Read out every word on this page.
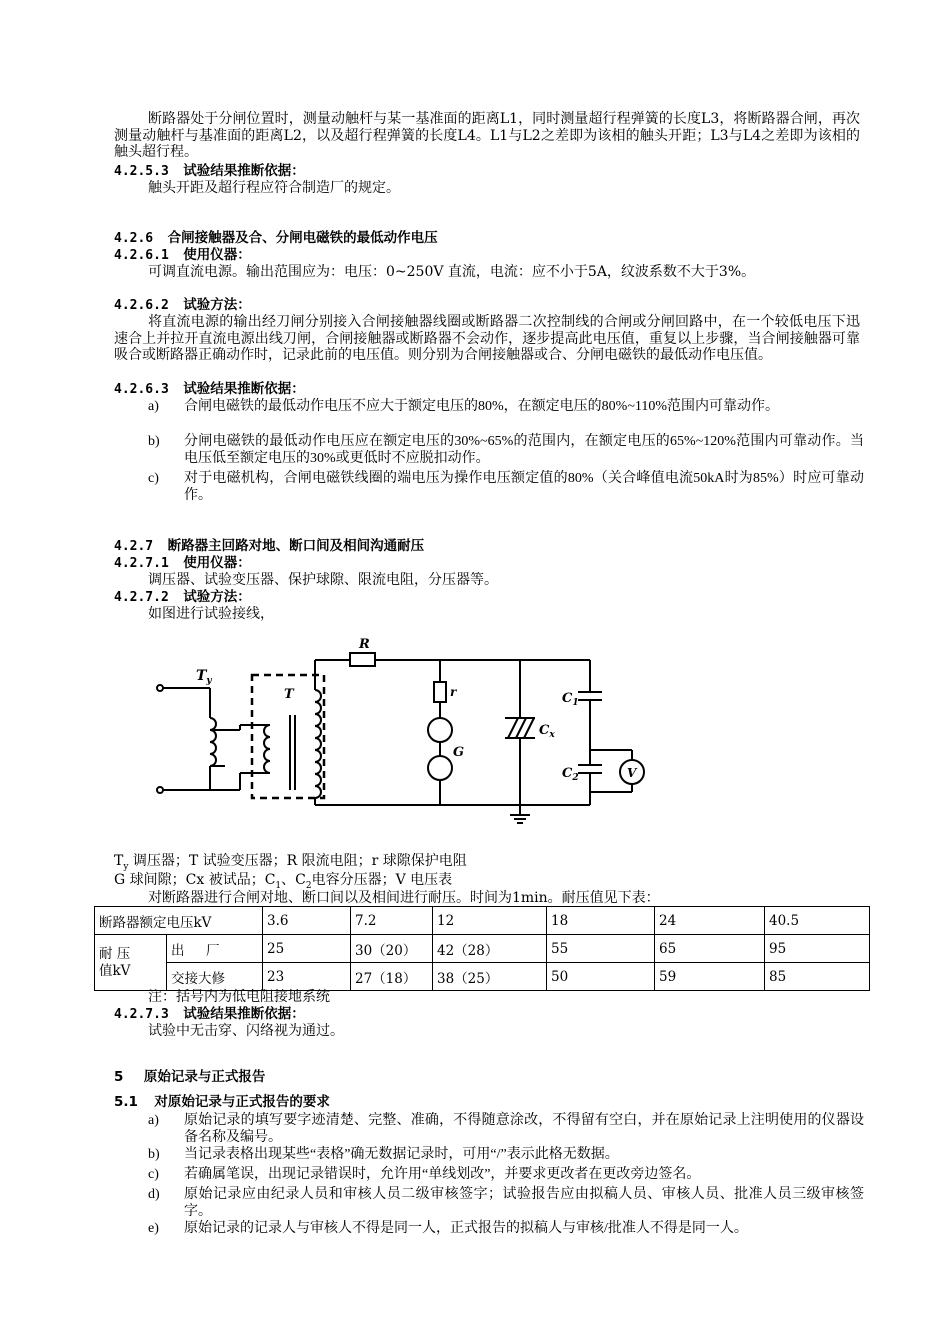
断路器处于分闸位置时，测量动触杆与某一基准面的距离L1，同时测量超行程弹簧的长度L3，将断路器合闸，再次测量动触杆与基准面的距离L2，以及超行程弹簧的长度L4。L1与L2之差即为该相的触头开距；L3与L4之差即为该相的触头超行程。

4.2.5.3 试验结果推断依据：

触头开距及超行程应符合制造厂的规定。

4.2.6 合闸接触器及合、分闸电磁铁的最低动作电压
4.2.6.1 使用仪器：

可调直流电源。输出范围应为：电压：0~250V 直流，电流：应不小于5A，纹波系数不大于3%。

4.2.6.2 试验方法：

将直流电源的输出经刀闸分别接入合闸接触器线圈或断路器二次控制线的合闸或分闸回路中，在一个较低电压下迅速合上并拉开直流电源出线刀闸，合闸接触器或断路器不会动作，逐步提高此电压值，重复以上步骤，当合闸接触器可靠吸合或断路器正确动作时，记录此前的电压值。则分别为合闸接触器或合、分闸电磁铁的最低动作电压值。

4.2.6.3 试验结果推断依据：
a) 合闸电磁铁的最低动作电压不应大于额定电压的80%，在额定电压的80%~110%范围内可靠动作。
b) 分闸电磁铁的最低动作电压应在额定电压的30%~65%的范围内，在额定电压的65%~120%范围内可靠动作。当电压低至额定电压的30%或更低时不应脱扣动作。
c) 对于电磁机构，合闸电磁铁线圈的端电压为操作电压额定值的80%（关合峰值电流50kA时为85%）时应可靠动作。
4.2.7 断路器主回路对地、断口间及相间沟通耐压
4.2.7.1 使用仪器：

调压器、试验变压器、保护球隙、限流电阻，分压器等。

4.2.7.2 试验方法：

如图进行试验接线，

$T_y$
T
R
r
G
$C_x$
$C_1$
$C_2$	V

$T_y$ 调压器；T 试验变压器；R 限流电阻；r 球隙保护电阻

G 球间隙；Cx 被试品；$C_1$、$C_2$电容分压器；V 电压表

对断路器进行合闸对地、断口间以及相间进行耐压。时间为1min。耐压值见下表：

断路器额定电压kV		3.6	7.2	12	18	24	40.5
耐 压
值kV	出     厂	25	30（20）	42（28）	55	65	95
	交接大修	23	27（18）	38（25）	50	59	85

注：括号内为低电阻接地系统

4.2.7.3 试验结果推断依据：

试验中无击穿、闪络视为通过。

5 原始记录与正式报告
5.1 对原始记录与正式报告的要求
a) 原始记录的填写要字迹清楚、完整、准确，不得随意涂改，不得留有空白，并在原始记录上注明使用的仪器设备名称及编号。
b) 当记录表格出现某些“表格”确无数据记录时，可用“/”表示此格无数据。
c) 若确属笔误，出现记录错误时，允许用“单线划改”，并要求更改者在更改旁边签名。
d) 原始记录应由纪录人员和审核人员二级审核签字；试验报告应由拟稿人员、审核人员、批准人员三级审核签字。
e) 原始记录的记录人与审核人不得是同一人，正式报告的拟稿人与审核/批准人不得是同一人。
